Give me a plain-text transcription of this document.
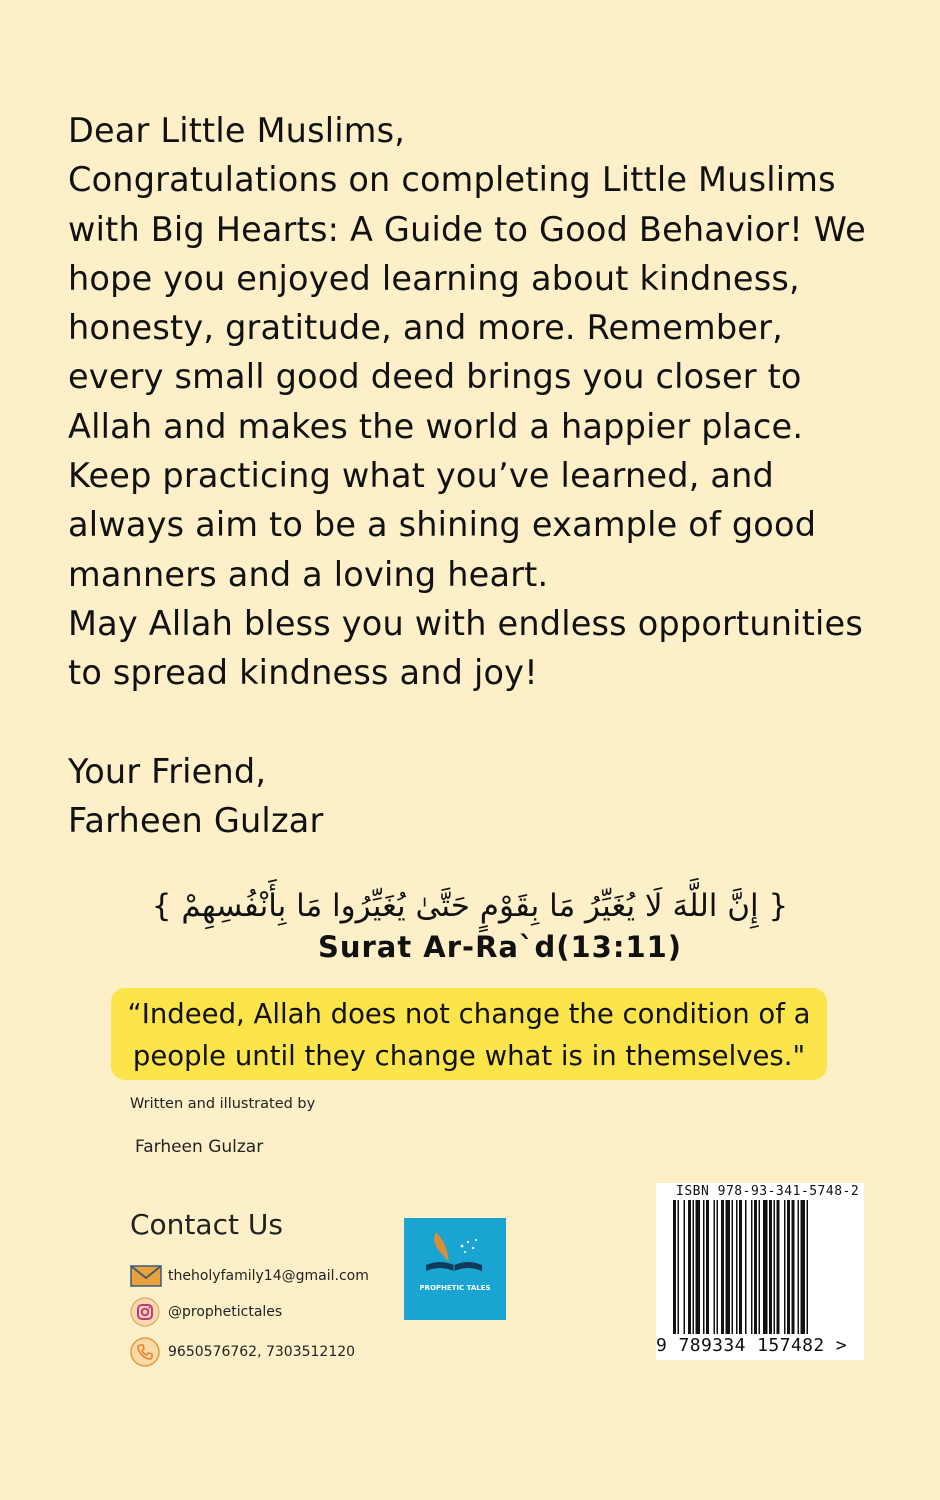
Dear Little Muslims,

Congratulations on completing Little Muslims with Big Hearts: A Guide to Good Behavior! We hope you enjoyed learning about kindness, honesty, gratitude, and more. Remember, every small good deed brings you closer to Allah and makes the world a happier place.

Keep practicing what you’ve learned, and always aim to be a shining example of good manners and a loving heart.

May Allah bless you with endless opportunities to spread kindness and joy!

Your Friend,

Farheen Gulzar

{ إِنَّ اللَّهَ لَا يُغَيِّرُ مَا بِقَوْمٍ حَتَّىٰ يُغَيِّرُوا مَا بِأَنْفُسِهِمْ }
Surat Ar-Ra`d(13:11)
“Indeed, Allah does not change the condition of a people until they change what is in themselves."
Written and illustrated by
Farheen Gulzar
Contact Us
theholyfamily14@gmail.com
@prophetictales
9650576762, 7303512120
PROPHETIC TALES
ISBN 978-93-341-5748-2
9 789334 157482 >
